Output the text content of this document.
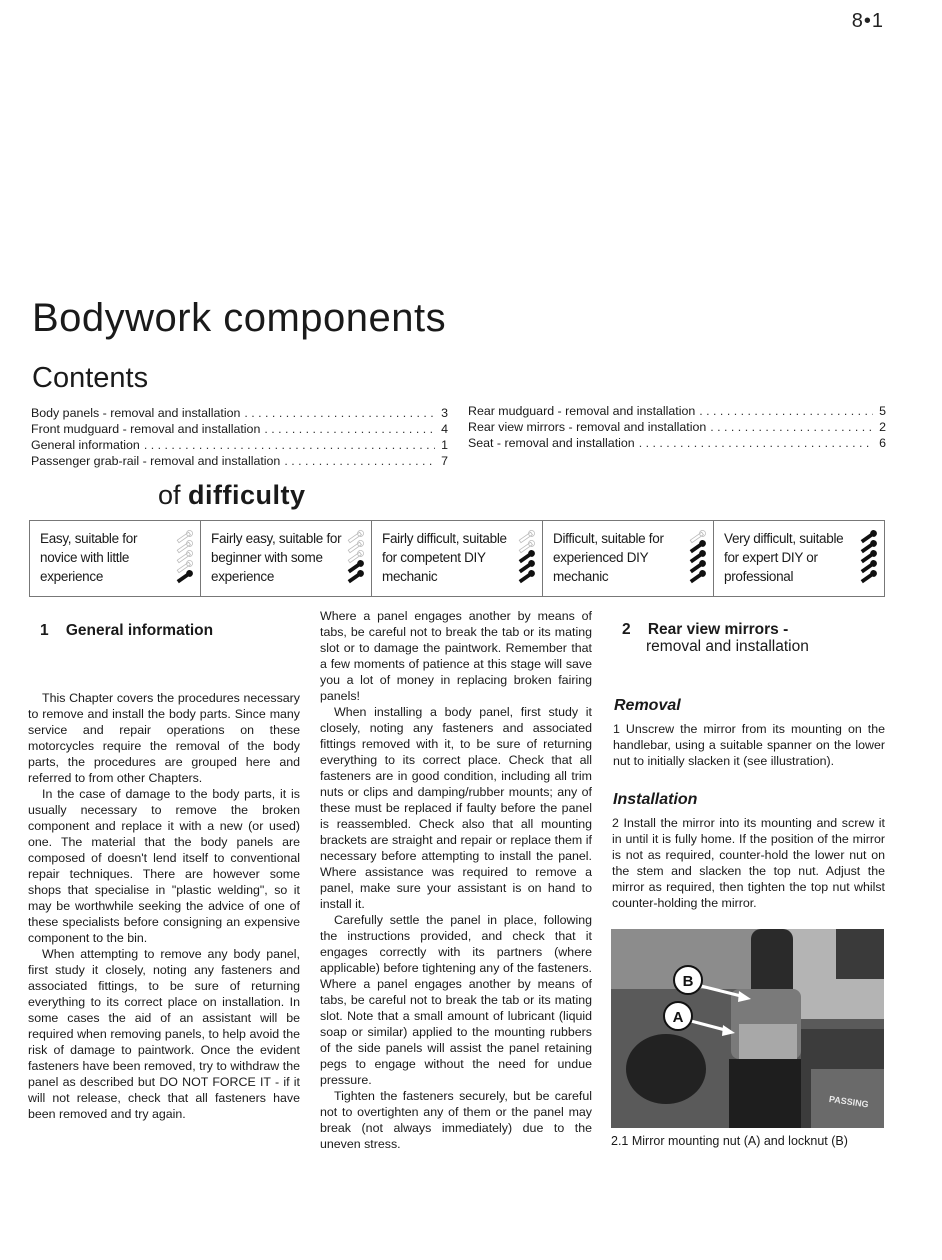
8•1
Bodywork components
Contents
Body panels - removal and installation . . .	3
Front mudguard - removal and installation . . .	4
General information . . .	1
Passenger grab-rail - removal and installation . . .	7
Rear mudguard - removal and installation . . .	5
Rear view mirrors - removal and installation . . .	2
Seat - removal and installation . . .	6
of difficulty
Easy, suitable for novice with little experience
Fairly easy, suitable for beginner with some experience
Fairly difficult, suitable for competent DIY mechanic
Difficult, suitable for experienced DIY mechanic
Very difficult, suitable for expert DIY or professional
1    General information

This Chapter covers the procedures necessary to remove and install the body parts. Since many service and repair operations on these motorcycles require the removal of the body parts, the procedures are grouped here and referred to from other Chapters.

In the case of damage to the body parts, it is usually necessary to remove the broken component and replace it with a new (or used) one. The material that the body panels are composed of doesn't lend itself to conventional repair techniques. There are however some shops that specialise in "plastic welding", so it may be worthwhile seeking the advice of one of these specialists before consigning an expensive component to the bin.

When attempting to remove any body panel, first study it closely, noting any fasteners and associated fittings, to be sure of returning everything to its correct place on installation. In some cases the aid of an assistant will be required when removing panels, to help avoid the risk of damage to paintwork. Once the evident fasteners have been removed, try to withdraw the panel as described but DO NOT FORCE IT - if it will not release, check that all fasteners have been removed and try again.

Where a panel engages another by means of tabs, be careful not to break the tab or its mating slot or to damage the paintwork. Remember that a few moments of patience at this stage will save you a lot of money in replacing broken fairing panels!

When installing a body panel, first study it closely, noting any fasteners and associated fittings removed with it, to be sure of returning everything to its correct place. Check that all fasteners are in good condition, including all trim nuts or clips and damping/rubber mounts; any of these must be replaced if faulty before the panel is reassembled. Check also that all mounting brackets are straight and repair or replace them if necessary before attempting to install the panel. Where assistance was required to remove a panel, make sure your assistant is on hand to install it.

Carefully settle the panel in place, following the instructions provided, and check that it engages correctly with its partners (where applicable) before tightening any of the fasteners. Where a panel engages another by means of tabs, be careful not to break the tab or its mating slot. Note that a small amount of lubricant (liquid soap or similar) applied to the mounting rubbers of the side panels will assist the panel retaining pegs to engage without the need for undue pressure.

Tighten the fasteners securely, but be careful not to overtighten any of them or the panel may break (not always immediately) due to the uneven stress.

2    Rear view mirrors -
removal and installation
Removal

1 Unscrew the mirror from its mounting on the handlebar, using a suitable spanner on the lower nut to initially slacken it (see illustration).

Installation

2 Install the mirror into its mounting and screw it in until it is fully home. If the position of the mirror is not as required, counter-hold the lower nut on the stem and slacken the top nut. Adjust the mirror as required, then tighten the top nut whilst counter-holding the mirror.

PASSING
B
A
2.1 Mirror mounting nut (A) and locknut (B)
